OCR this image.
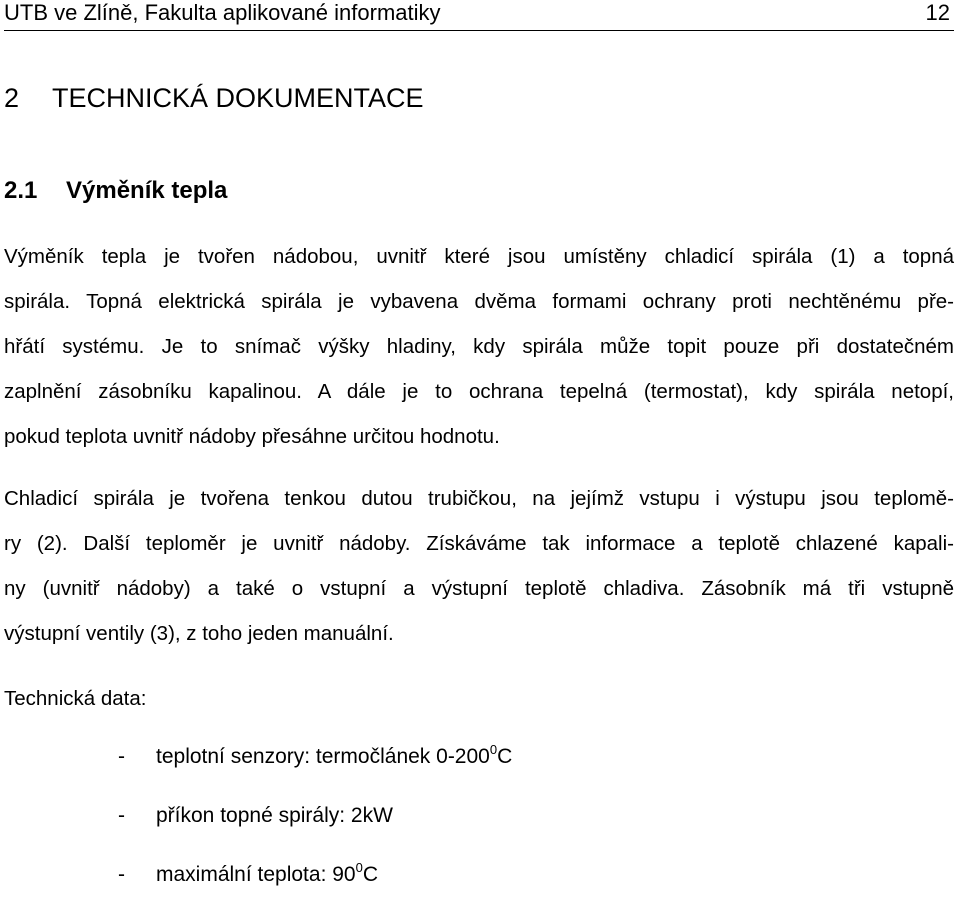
UTB ve Zlíně, Fakulta aplikované informatiky	12
2 TECHNICKÁ DOKUMENTACE
2.1 Výměník tepla
Výměník tepla je tvořen nádobou, uvnitř které jsou umístěny chladicí spirála (1) a topná
spirála. Topná elektrická spirála je vybavena dvěma formami ochrany proti nechtěnému pře-
hřátí systému. Je to snímač výšky hladiny, kdy spirála může topit pouze při dostatečném
zaplnění zásobníku kapalinou. A dále je to ochrana tepelná (termostat), kdy spirála netopí,
pokud teplota uvnitř nádoby přesáhne určitou hodnotu.
Chladicí spirála je tvořena tenkou dutou trubičkou, na jejímž vstupu i výstupu jsou teplomě-
ry (2). Další teploměr je uvnitř nádoby. Získáváme tak informace a teplotě chlazené kapali-
ny (uvnitř nádoby) a také o vstupní a výstupní teplotě chladiva. Zásobník má tři vstupně
výstupní ventily (3), z toho jeden manuální.
Technická data:
- teplotní senzory: termočlánek $0-200^0C$
- příkon topné spirály: 2kW
- maximální teplota: $90^0C$
